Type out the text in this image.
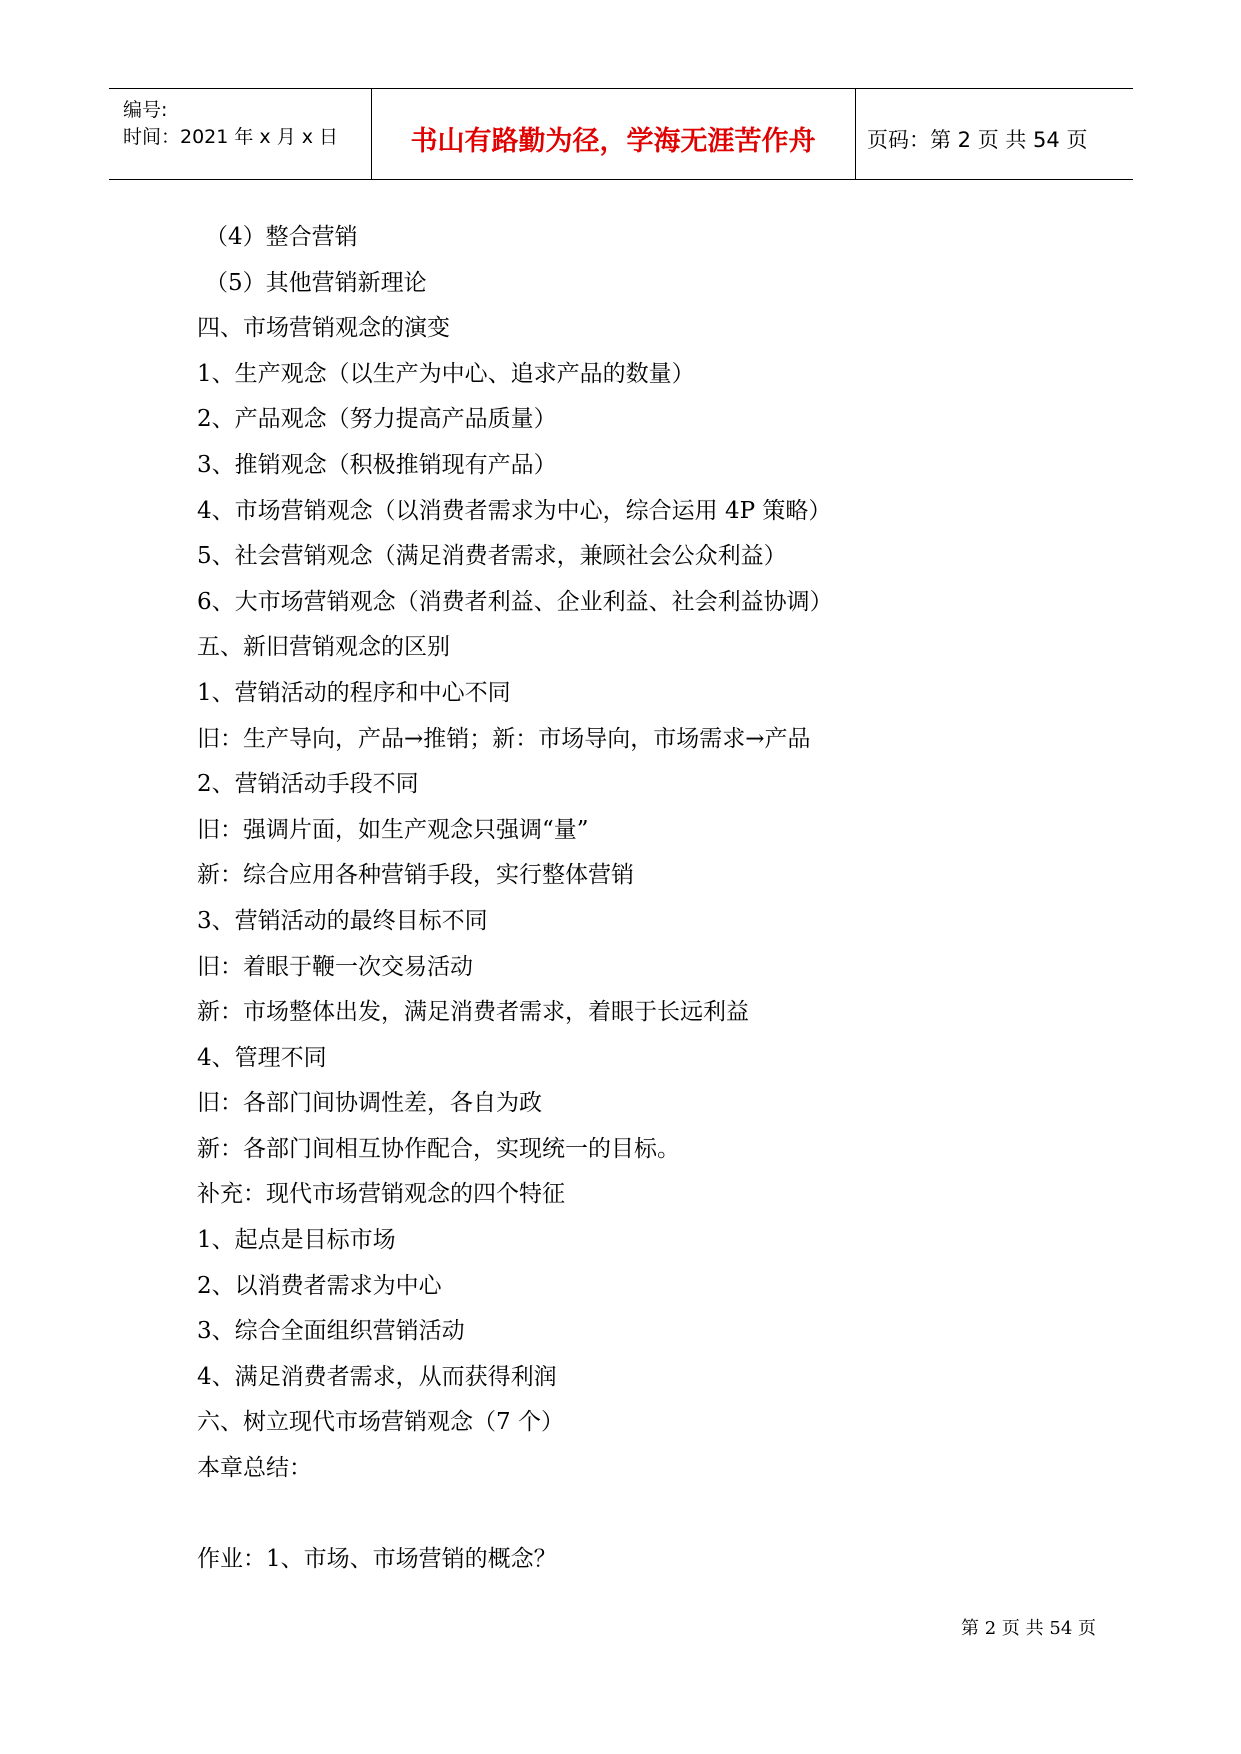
编号:
时间：2021 年 x 月 x 日	书山有路勤为径，学海无涯苦作舟	页码：第 2 页 共 54 页
（4）整合营销
（5）其他营销新理论
四、市场营销观念的演变
1、生产观念（以生产为中心、追求产品的数量）
2、产品观念（努力提高产品质量）
3、推销观念（积极推销现有产品）
4、市场营销观念（以消费者需求为中心，综合运用 4P 策略）
5、社会营销观念（满足消费者需求，兼顾社会公众利益）
6、大市场营销观念（消费者利益、企业利益、社会利益协调）
五、新旧营销观念的区别
1、营销活动的程序和中心不同
旧：生产导向，产品→推销；新：市场导向，市场需求→产品
2、营销活动手段不同
旧：强调片面，如生产观念只强调“量”
新：综合应用各种营销手段，实行整体营销
3、营销活动的最终目标不同
旧：着眼于鞭一次交易活动
新：市场整体出发，满足消费者需求，着眼于长远利益
4、管理不同
旧：各部门间协调性差，各自为政
新：各部门间相互协作配合，实现统一的目标。
补充：现代市场营销观念的四个特征
1、起点是目标市场
2、以消费者需求为中心
3、综合全面组织营销活动
4、满足消费者需求，从而获得利润
六、树立现代市场营销观念（7 个）
本章总结：
作业：1、市场、市场营销的概念？
第 2 页 共 54 页
